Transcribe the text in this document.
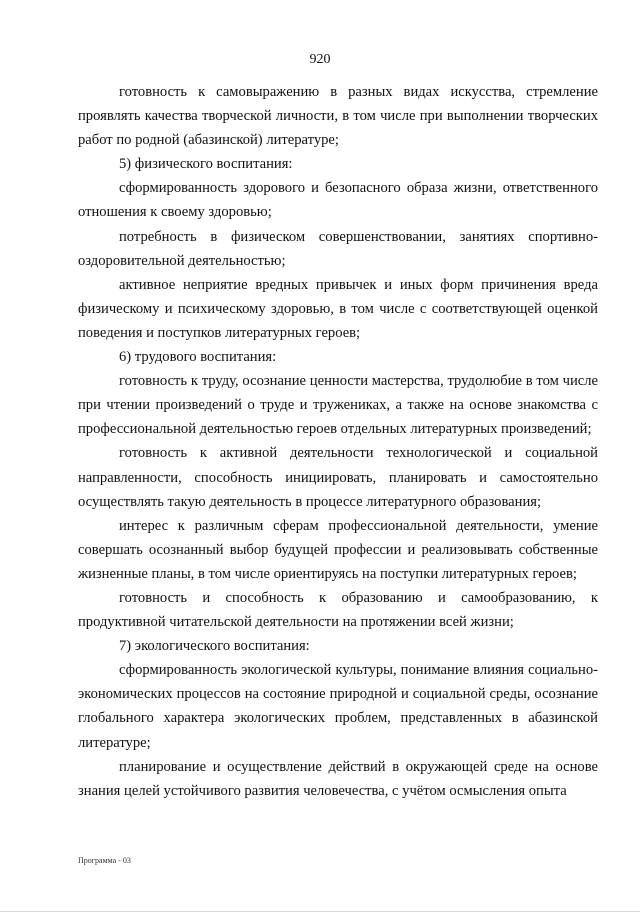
920

готовность к самовыражению в разных видах искусства, стремление проявлять качества творческой личности, в том числе при выполнении творческих работ по родной (абазинской) литературе;

5) физического воспитания:

сформированность здорового и безопасного образа жизни, ответственного отношения к своему здоровью;

потребность в физическом совершенствовании, занятиях спортивно-оздоровительной деятельностью;

активное неприятие вредных привычек и иных форм причинения вреда физическому и психическому здоровью, в том числе с соответствующей оценкой поведения и поступков литературных героев;

6) трудового воспитания:

готовность к труду, осознание ценности мастерства, трудолюбие в том числе при чтении произведений о труде и тружениках, а также на основе знакомства с профессиональной деятельностью героев отдельных литературных произведений;

готовность к активной деятельности технологической и социальной направленности, способность инициировать, планировать и самостоятельно осуществлять такую деятельность в процессе литературного образования;

интерес к различным сферам профессиональной деятельности, умение совершать осознанный выбор будущей профессии и реализовывать собственные жизненные планы, в том числе ориентируясь на поступки литературных героев;

готовность и способность к образованию и самообразованию, к продуктивной читательской деятельности на протяжении всей жизни;

7) экологического воспитания:

сформированность экологической культуры, понимание влияния социально-экономических процессов на состояние природной и социальной среды, осознание глобального характера экологических проблем, представленных в абазинской литературе;

планирование и осуществление действий в окружающей среде на основе знания целей устойчивого развития человечества, с учётом осмысления опыта

Программа - 03
